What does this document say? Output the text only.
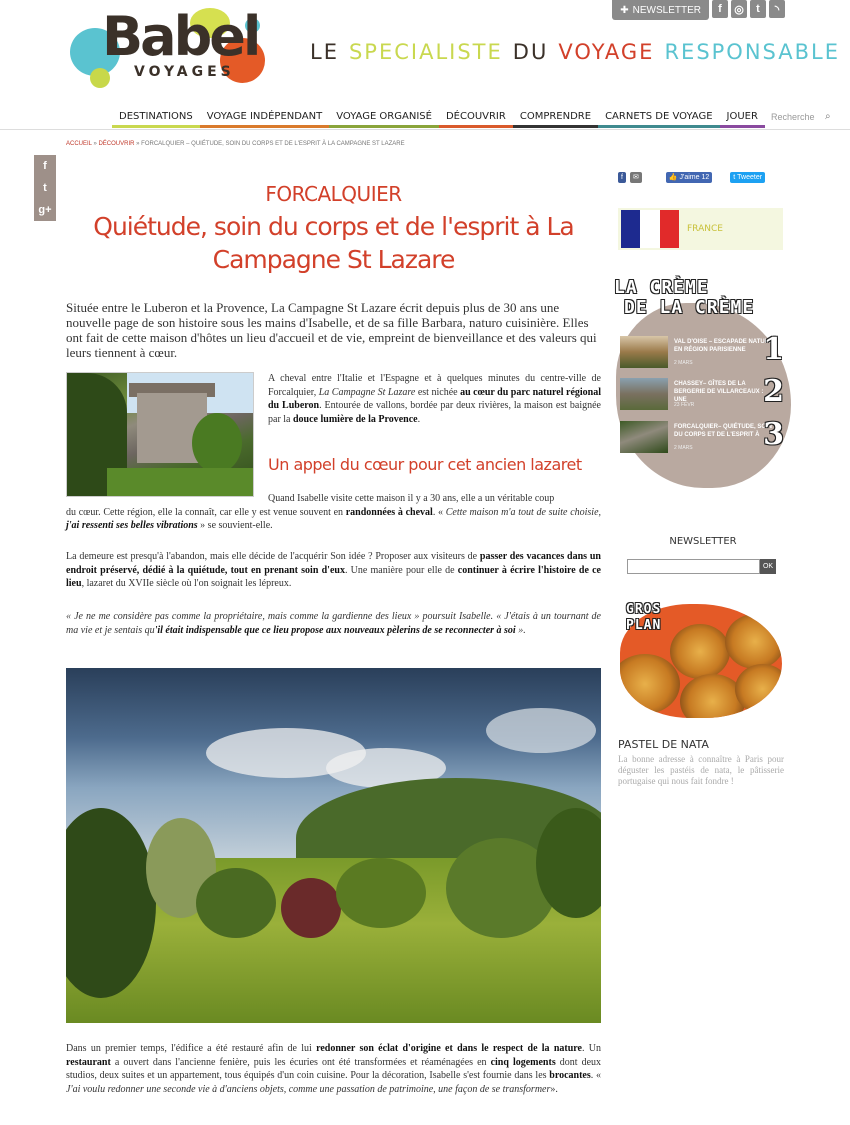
Babel
VOYAGES
LE SPECIALISTE DU VOYAGE RESPONSABLE
✚ NEWSLETTER	f	◎	t	◝
DESTINATIONS	VOYAGE INDÉPENDANT	VOYAGE ORGANISÉ	DÉCOUVRIR	COMPRENDRE	CARNETS DE VOYAGE	JOUER	Recherche	⌕
ACCUEIL » DÉCOUVRIR » FORCALQUIER – QUIÉTUDE, SOIN DU CORPS ET DE L'ESPRIT À LA CAMPAGNE ST LAZARE
f
t
g+
FORCALQUIER
Quiétude, soin du corps et de l'esprit à La Campagne St Lazare
Située entre le Luberon et la Provence, La Campagne St Lazare écrit depuis plus de 30 ans une nouvelle page de son histoire sous les mains d'Isabelle, et de sa fille Barbara, naturo cuisinière. Elles ont fait de cette maison d'hôtes un lieu d'accueil et de vie, empreint de bienveillance et des valeurs qui leurs tiennent à cœur.
A cheval entre l'Italie et l'Espagne et à quelques minutes du centre-ville de Forcalquier, La Campagne St Lazare est nichée au cœur du parc naturel régional du Luberon. Entourée de vallons, bordée par deux rivières, la maison est baignée par la douce lumière de la Provence.
Un appel du cœur pour cet ancien lazaret
Quand Isabelle visite cette maison il y a 30 ans, elle a un véritable coup
du cœur. Cette région, elle la connaît, car elle y est venue souvent en randonnées à cheval. « Cette maison m'a tout de suite choisie, j'ai ressenti ses belles vibrations » se souvient-elle.
La demeure est presqu'à l'abandon, mais elle décide de l'acquérir Son idée ? Proposer aux visiteurs de passer des vacances dans un endroit préservé, dédié à la quiétude, tout en prenant soin d'eux. Une manière pour elle de continuer à écrire l'histoire de ce lieu, lazaret du XVIIe siècle où l'on soignait les lépreux.
« Je ne me considère pas comme la propriétaire, mais comme la gardienne des lieux » poursuit Isabelle. « J'étais à un tournant de ma vie et je sentais qu'il était indispensable que ce lieu propose aux nouveaux pèlerins de se reconnecter à soi ».
Dans un premier temps, l'édifice a été restauré afin de lui redonner son éclat d'origine et dans le respect de la nature. Un restaurant a ouvert dans l'ancienne fenière, puis les écuries ont été transformées et réaménagées en cinq logements dont deux studios, deux suites et un appartement, tous équipés d'un coin cuisine. Pour la décoration, Isabelle s'est fournie dans les brocantes. « J'ai voulu redonner une seconde vie à d'anciens objets, comme une passation de patrimoine, une façon de se transformer».
f	✉	👍
J'aime 12	t
Tweeter
FRANCE
LA CRÈME
DE LA CRÈME
VAL D'OISE – ESCAPADE NATURE EN RÉGION PARISIENNE
2 MARS 1
CHASSEY– GÎTES DE LA BERGERIE DE VILLARCEAUX : UNE
23 FÉVR 2
FORCALQUIER– QUIÉTUDE, SOIN DU CORPS ET DE L'ESPRIT À
2 MARS 3
NEWSLETTER
OK
GROS
PLAN
PASTEL DE NATA
La bonne adresse à connaître à Paris pour déguster les pastéis de nata, le pâtisserie portugaise qui nous fait fondre !
